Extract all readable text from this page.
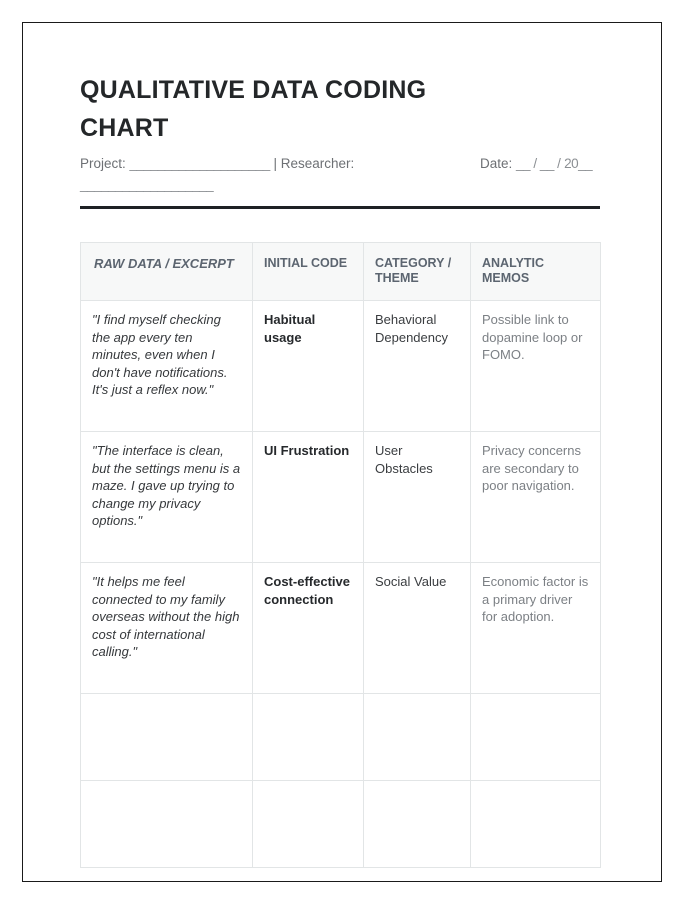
QUALITATIVE DATA CODING CHART
Project: ____________________ | Researcher: ___________________
Date: __ / __ / 20__
RAW DATA / EXCERPT	INITIAL CODE	CATEGORY / THEME	ANALYTIC MEMOS
"I find myself checking the app every ten minutes, even when I don't have notifications. It's just a reflex now."	Habitual usage	Behavioral Dependency	Possible link to dopamine loop or FOMO.
"The interface is clean, but the settings menu is a maze. I gave up trying to change my privacy options."	UI Frustration	User Obstacles	Privacy concerns are secondary to poor navigation.
"It helps me feel connected to my family overseas without the high cost of international calling."	Cost-effective connection	Social Value	Economic factor is a primary driver for adoption.
